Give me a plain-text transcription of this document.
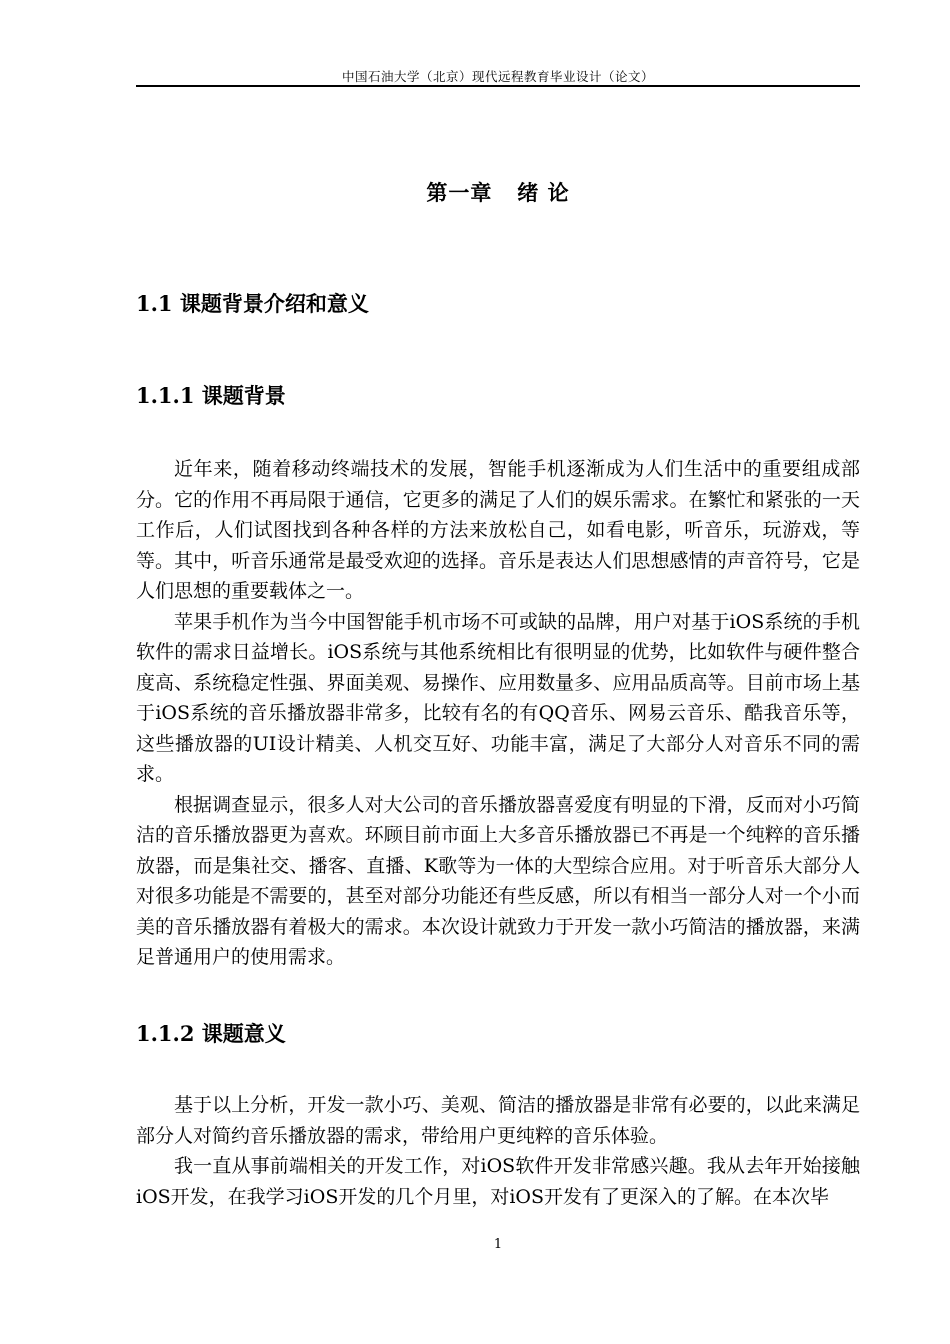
中国石油大学（北京）现代远程教育毕业设计（论文）
第一章   绪 论
1.1 课题背景介绍和意义
1.1.1 课题背景

近年来，随着移动终端技术的发展，智能手机逐渐成为人们生活中的重要组成部分。它的作用不再局限于通信，它更多的满足了人们的娱乐需求。在繁忙和紧张的一天工作后，人们试图找到各种各样的方法来放松自己，如看电影，听音乐，玩游戏，等等。其中，听音乐通常是最受欢迎的选择。音乐是表达人们思想感情的声音符号，它是人们思想的重要载体之一。

苹果手机作为当今中国智能手机市场不可或缺的品牌，用户对基于iOS系统的手机软件的需求日益增长。iOS系统与其他系统相比有很明显的优势，比如软件与硬件整合度高、系统稳定性强、界面美观、易操作、应用数量多、应用品质高等。目前市场上基于iOS系统的音乐播放器非常多，比较有名的有QQ音乐、网易云音乐、酷我音乐等，这些播放器的UI设计精美、人机交互好、功能丰富，满足了大部分人对音乐不同的需求。

根据调查显示，很多人对大公司的音乐播放器喜爱度有明显的下滑，反而对小巧简洁的音乐播放器更为喜欢。环顾目前市面上大多音乐播放器已不再是一个纯粹的音乐播放器，而是集社交、播客、直播、K歌等为一体的大型综合应用。对于听音乐大部分人对很多功能是不需要的，甚至对部分功能还有些反感，所以有相当一部分人对一个小而美的音乐播放器有着极大的需求。本次设计就致力于开发一款小巧简洁的播放器，来满足普通用户的使用需求。

1.1.2 课题意义

基于以上分析，开发一款小巧、美观、简洁的播放器是非常有必要的，以此来满足部分人对简约音乐播放器的需求，带给用户更纯粹的音乐体验。

我一直从事前端相关的开发工作，对iOS软件开发非常感兴趣。我从去年开始接触iOS开发，在我学习iOS开发的几个月里，对iOS开发有了更深入的了解。在本次毕

1
